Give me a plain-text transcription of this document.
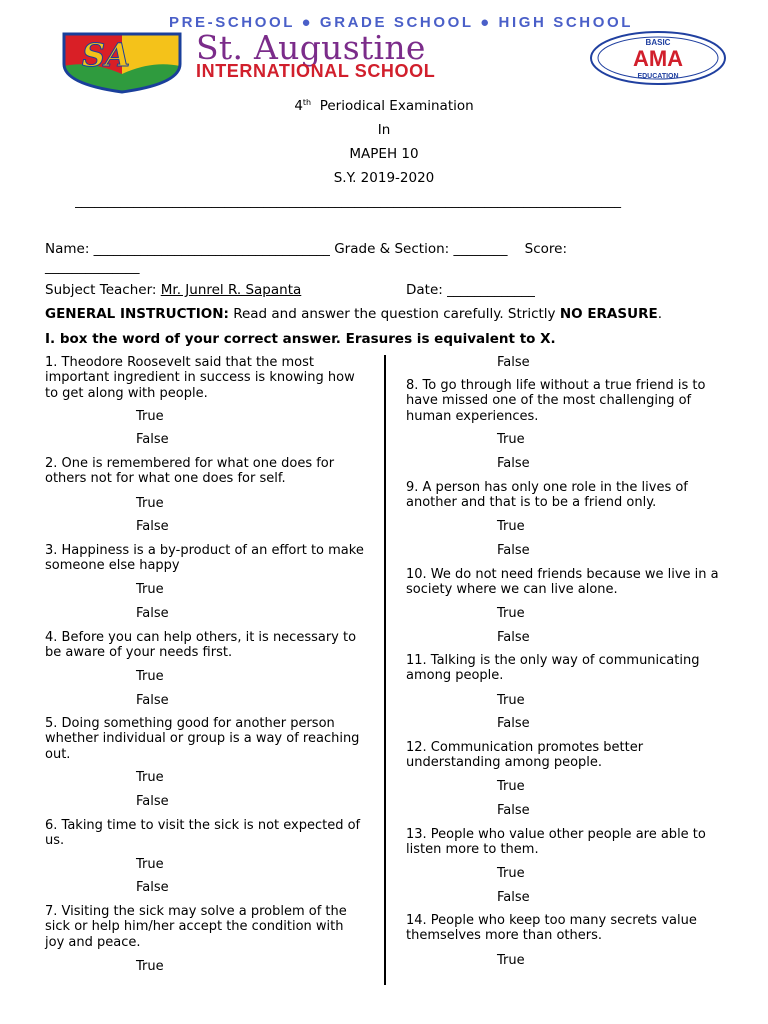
PRE-SCHOOL ● GRADE SCHOOL ● HIGH SCHOOL
SA St. Augustine
INTERNATIONAL SCHOOL
BASIC
AMA
EDUCATION
4th Periodical Examination
In
MAPEH 10
S.Y. 2019-2020
____________________________________________________________________________________
Name: ___________________________________ Grade & Section: ________ Score:
______________
Subject Teacher: Mr. Junrel R. Sapanta	Date: _____________
GENERAL INSTRUCTION: Read and answer the question carefully. Strictly NO ERASURE.
I. box the word of your correct answer. Erasures is equivalent to X.
1. Theodore Roosevelt said that the most important ingredient in success is knowing how to get along with people.
True
False
2. One is remembered for what one does for others not for what one does for self.
True
False
3. Happiness is a by-product of an effort to make someone else happy
True
False
4. Before you can help others, it is necessary to be aware of your needs first.
True
False
5. Doing something good for another person whether individual or group is a way of reaching out.
True
False
6. Taking time to visit the sick is not expected of us.
True
False
7. Visiting the sick may solve a problem of the sick or help him/her accept the condition with joy and peace.
True
False
8. To go through life without a true friend is to have missed one of the most challenging of human experiences.
True
False
9. A person has only one role in the lives of another and that is to be a friend only.
True
False
10. We do not need friends because we live in a society where we can live alone.
True
False
11. Talking is the only way of communicating among people.
True
False
12. Communication promotes better understanding among people.
True
False
13. People who value other people are able to listen more to them.
True
False
14. People who keep too many secrets value themselves more than others.
True
